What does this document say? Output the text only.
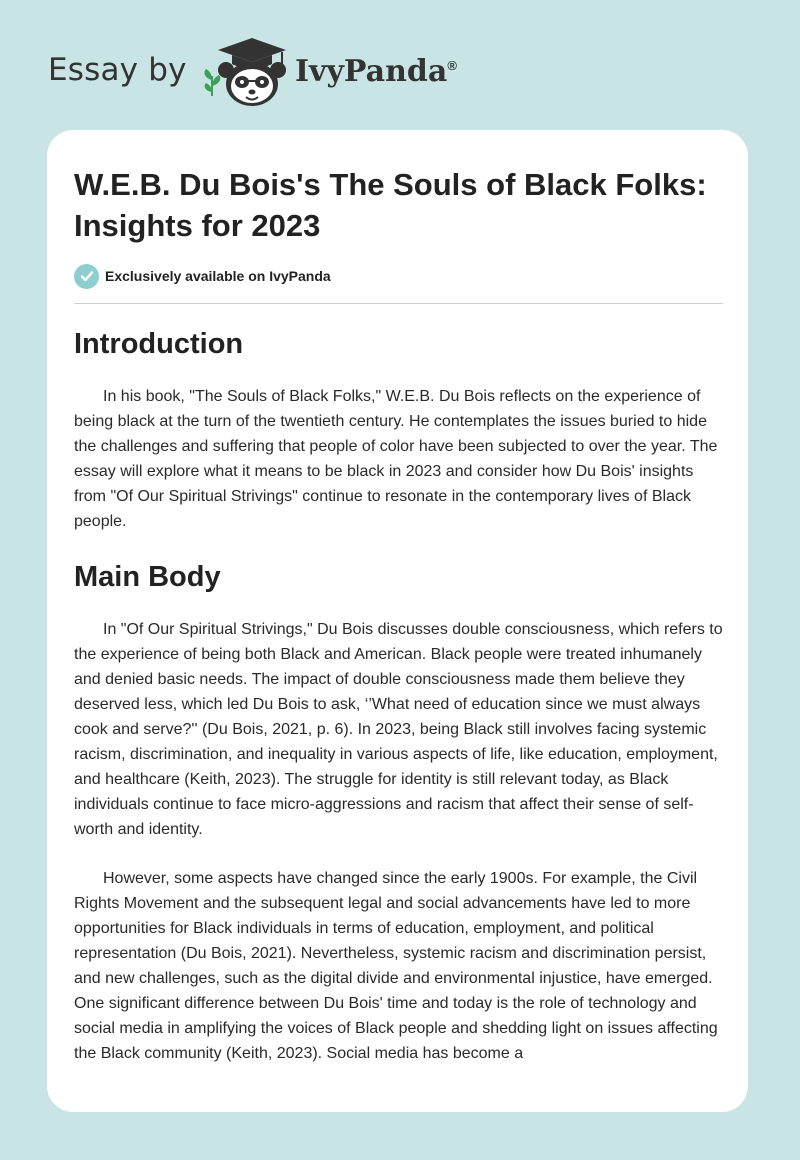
Essay by	IvyPanda®
W.E.B. Du Bois's The Souls of Black Folks: Insights for 2023
Exclusively available on IvyPanda
Introduction

In his book, "The Souls of Black Folks," W.E.B. Du Bois reflects on the experience of being black at the turn of the twentieth century. He contemplates the issues buried to hide the challenges and suffering that people of color have been subjected to over the year. The essay will explore what it means to be black in 2023 and consider how Du Bois' insights from "Of Our Spiritual Strivings" continue to resonate in the contemporary lives of Black people.

Main Body

In "Of Our Spiritual Strivings," Du Bois discusses double consciousness, which refers to the experience of being both Black and American. Black people were treated inhumanely and denied basic needs. The impact of double consciousness made them believe they deserved less, which led Du Bois to ask, ‘’What need of education since we must always cook and serve?'' (Du Bois, 2021, p. 6). In 2023, being Black still involves facing systemic racism, discrimination, and inequality in various aspects of life, like education, employment, and healthcare (Keith, 2023). The struggle for identity is still relevant today, as Black individuals continue to face micro-aggressions and racism that affect their sense of self-worth and identity.

However, some aspects have changed since the early 1900s. For example, the Civil Rights Movement and the subsequent legal and social advancements have led to more opportunities for Black individuals in terms of education, employment, and political representation (Du Bois, 2021). Nevertheless, systemic racism and discrimination persist, and new challenges, such as the digital divide and environmental injustice, have emerged. One significant difference between Du Bois' time and today is the role of technology and social media in amplifying the voices of Black people and shedding light on issues affecting the Black community (Keith, 2023). Social media has become a
